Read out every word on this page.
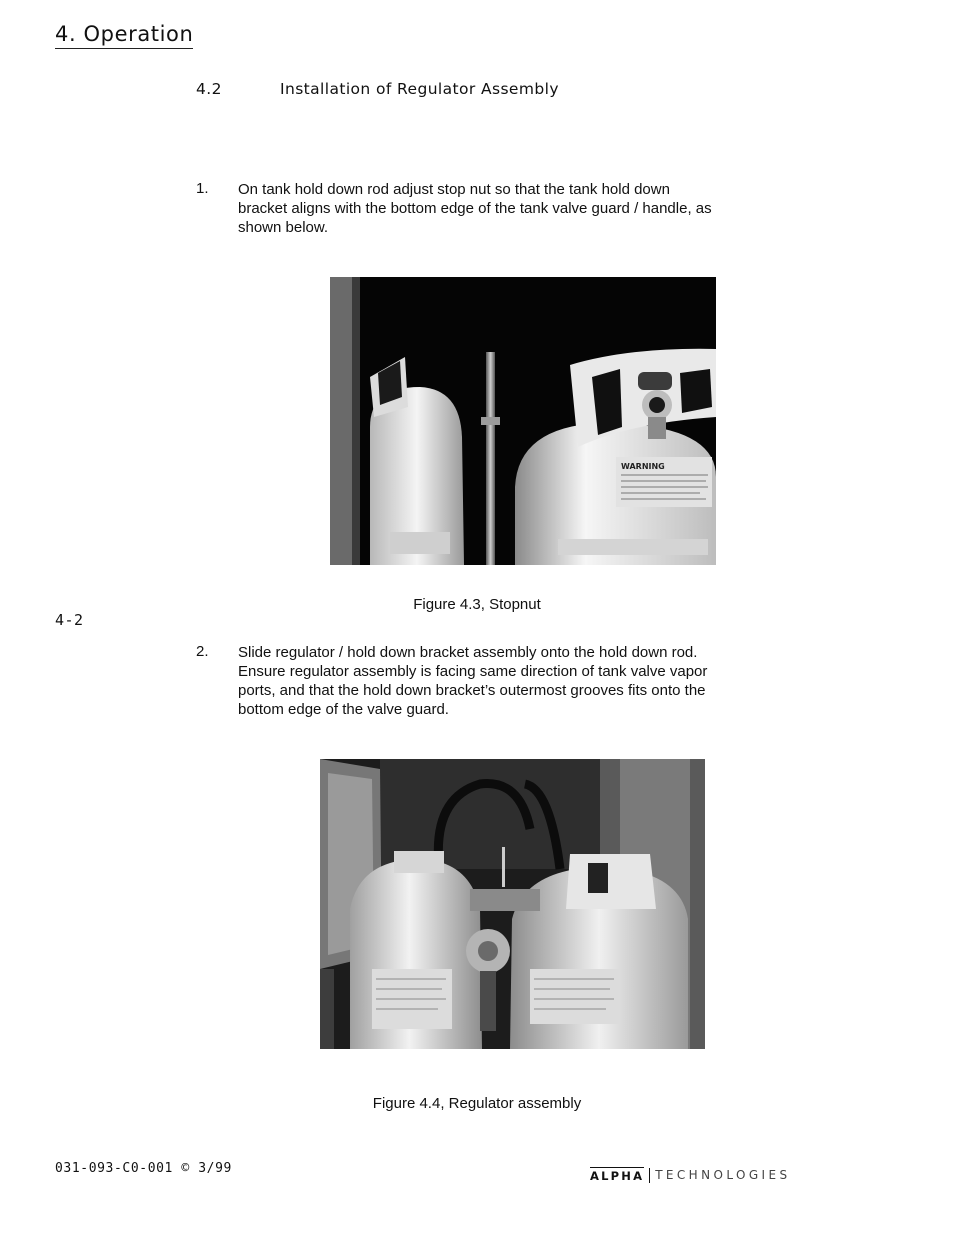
4. Operation
4.2	Installation of Regulator Assembly
1. On tank hold down rod adjust stop nut so that the tank hold down
bracket aligns with the bottom edge of the tank valve guard / handle, as
shown below.
WARNING
Figure 4.3, Stopnut
4-2
2. Slide regulator / hold down bracket assembly onto the hold down rod.
Ensure regulator assembly is facing same direction of tank valve vapor
ports, and that the hold down bracket’s outermost grooves fits onto the
bottom edge of the valve guard.
Figure 4.4, Regulator assembly
031-093-C0-001 © 3/99	ALPHA TECHNOLOGIES
